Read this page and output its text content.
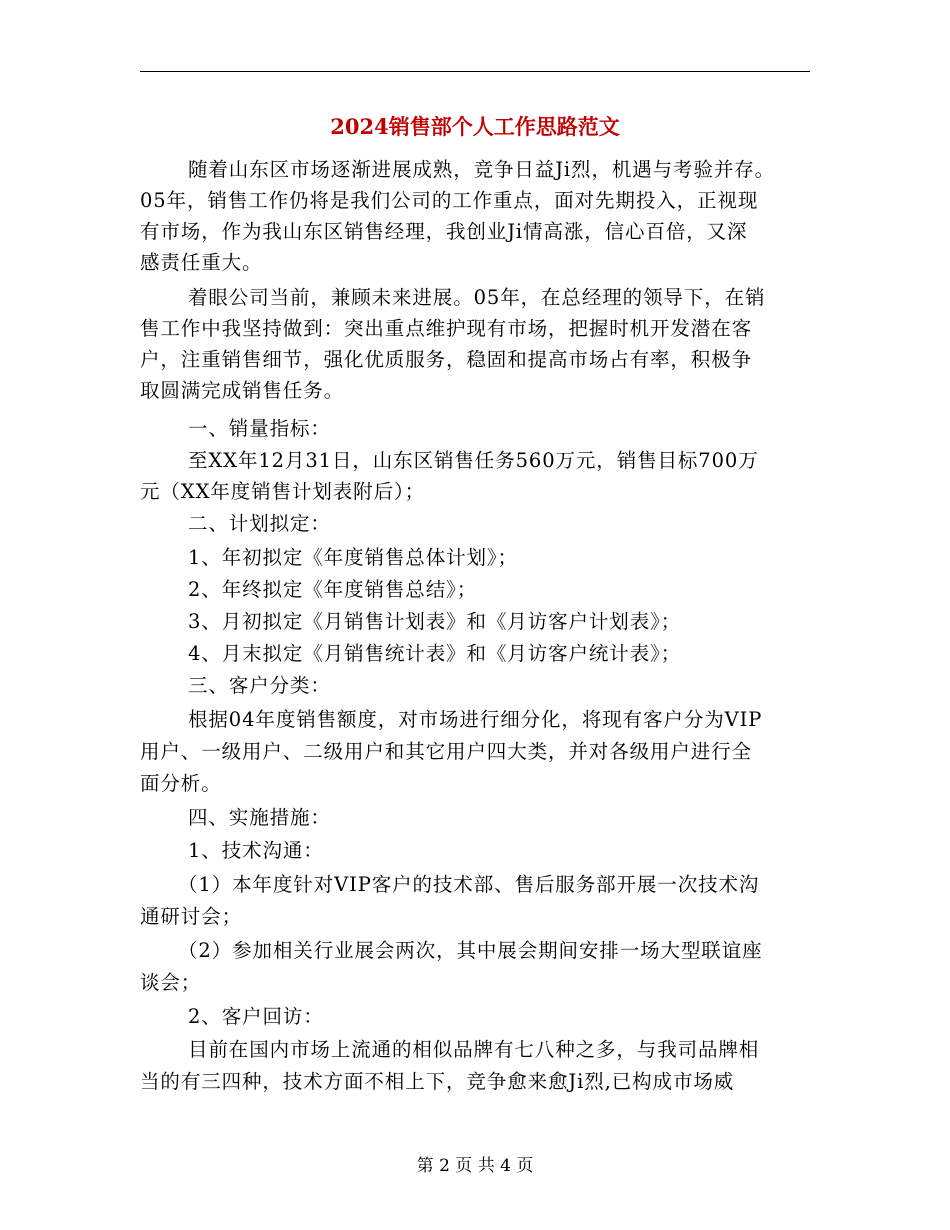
2024销售部个人工作思路范文
随着山东区市场逐渐进展成熟，竞争日益Ji烈，机遇与考验并存。
05年，销售工作仍将是我们公司的工作重点，面对先期投入，正视现
有市场，作为我山东区销售经理，我创业Ji情高涨，信心百倍，又深
感责任重大。
着眼公司当前，兼顾未来进展。05年，在总经理的领导下，在销
售工作中我坚持做到：突出重点维护现有市场，把握时机开发潜在客
户，注重销售细节，强化优质服务，稳固和提高市场占有率，积极争
取圆满完成销售任务。
一、销量指标：
至XX年12月31日，山东区销售任务560万元，销售目标700万
元（XX年度销售计划表附后）；
二、计划拟定：
1、年初拟定《年度销售总体计划》；
2、年终拟定《年度销售总结》；
3、月初拟定《月销售计划表》和《月访客户计划表》；
4、月末拟定《月销售统计表》和《月访客户统计表》；
三、客户分类：
根据04年度销售额度，对市场进行细分化，将现有客户分为VIP
用户、一级用户、二级用户和其它用户四大类，并对各级用户进行全
面分析。
四、实施措施：
1、技术沟通：
（1）本年度针对VIP客户的技术部、售后服务部开展一次技术沟
通研讨会；
（2）参加相关行业展会两次，其中展会期间安排一场大型联谊座
谈会；
2、客户回访：
目前在国内市场上流通的相似品牌有七八种之多，与我司品牌相
当的有三四种，技术方面不相上下，竞争愈来愈Ji烈,已构成市场威
第 2 页 共 4 页
